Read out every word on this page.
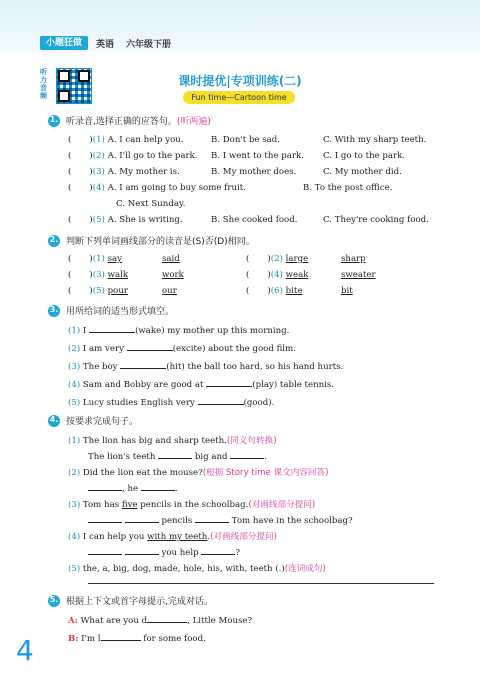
小题狂做	英语 六年级下册
听力音频
课时提优|专项训练(二)
Fun time—Cartoon time
1. 听录音,选择正确的应答句。(听两遍)
( )(1) A. I can help you.	B. Don't be sad.	C. With my sharp teeth.
( )(2) A. I'll go to the park. B. I went to the park. C. I go to the park.
( )(3) A. My mother is.	B. My mother does.	C. My mother did.
( )(4) A. I am going to buy some fruit.	B. To the post office.
C. Next Sunday.
( )(5) A. She is writing.	B. She cooked food.	C. They're cooking food.
2. 判断下列单词画线部分的读音是(S)否(D)相同。
( )(1) say	said	( )(2) large	sharp
( )(3) walk	work	( )(4) weak	sweater
( )(5) pour	our	( )(6) bite	bit
3. 用所给词的适当形式填空。
(1) I	(wake) my mother up this morning.
(2) I am very	(excite) about the good film.
(3) The boy	(hit) the ball too hard, so his hand hurts.
(4) Sam and Bobby are good at	(play) table tennis.
(5) Lucy studies English very	(good).
4. 按要求完成句子。
(1) The lion has big and sharp teeth.(同义句转换)
The lion's teeth	big and	.
(2) Did the lion eat the mouse?(根据 Story time 课文内容回答)
, he	.
(3) Tom has five pencils in the schoolbag.(对画线部分提问)
pencils	Tom have in the schoolbag?
(4) I can help you with my teeth.(对画线部分提问)
you help	?
(5) the, a, big, dog, made, hole, his, with, teeth (.)(连词成句)
5. 根据上下文或首字母提示,完成对话。
A: What are you d	, Little Mouse?
B: I'm l	for some food.
4
